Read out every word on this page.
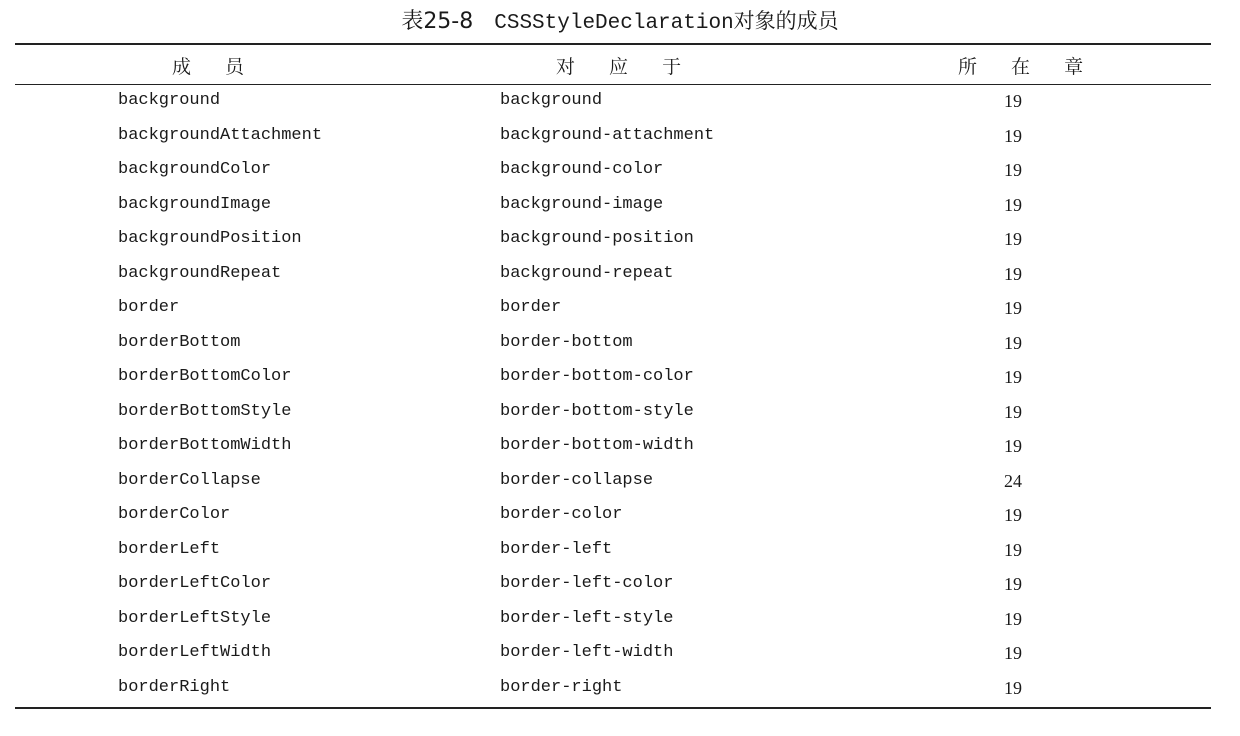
表25-8 CSSStyleDeclaration对象的成员
成 员	对 应 于	所 在 章
background	background	19
backgroundAttachment	background-attachment	19
backgroundColor	background-color	19
backgroundImage	background-image	19
backgroundPosition	background-position	19
backgroundRepeat	background-repeat	19
border	border	19
borderBottom	border-bottom	19
borderBottomColor	border-bottom-color	19
borderBottomStyle	border-bottom-style	19
borderBottomWidth	border-bottom-width	19
borderCollapse	border-collapse	24
borderColor	border-color	19
borderLeft	border-left	19
borderLeftColor	border-left-color	19
borderLeftStyle	border-left-style	19
borderLeftWidth	border-left-width	19
borderRight	border-right	19
